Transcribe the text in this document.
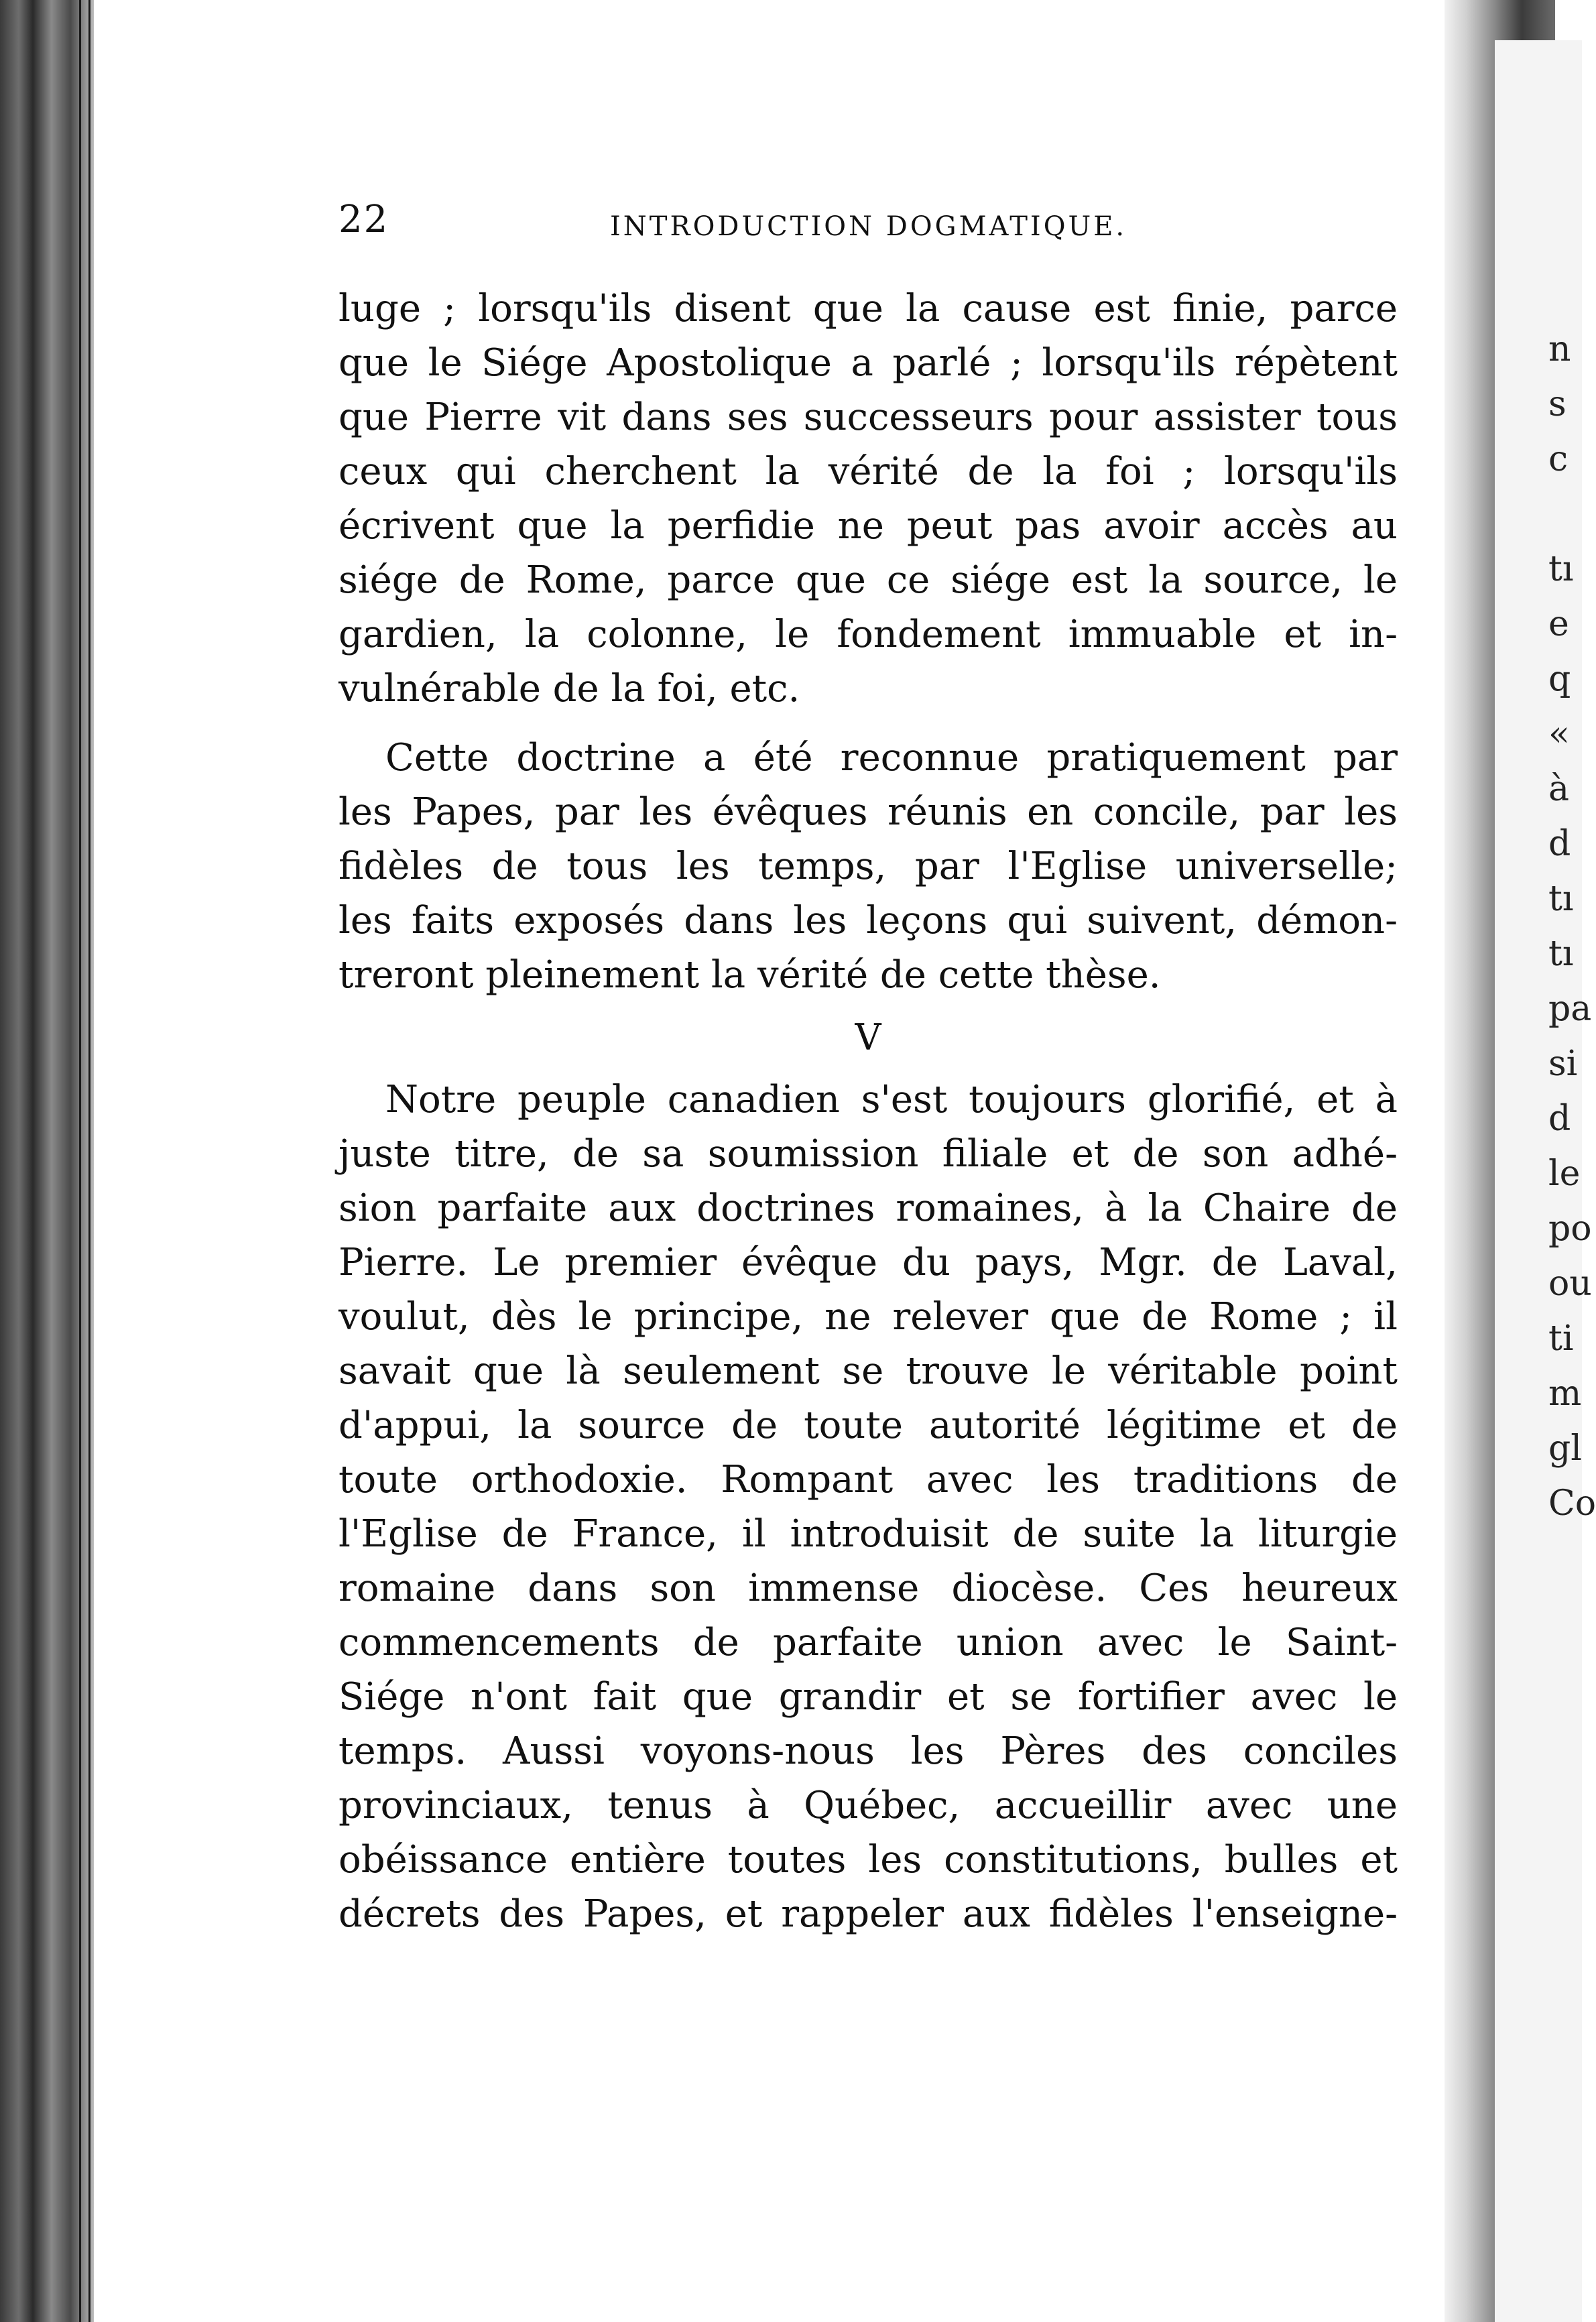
n
s
c

tı
e
q
«
à
d
tı
tı
pa
si
d
le
po
ou
ti
m
gl
Co
22	INTRODUCTION DOGMATIQUE.
luge ; lorsqu'ils disent que la cause est finie, parce
que le Siége Apostolique a parlé ; lorsqu'ils répètent
que Pierre vit dans ses successeurs pour assister tous
ceux qui cherchent la vérité de la foi ; lorsqu'ils
écrivent que la perfidie ne peut pas avoir accès au
siége de Rome, parce que ce siége est la source, le
gardien, la colonne, le fondement immuable et in-
vulnérable de la foi, etc.
Cette doctrine a été reconnue pratiquement par
les Papes, par les évêques réunis en concile, par les
fidèles de tous les temps, par l'Eglise universelle;
les faits exposés dans les leçons qui suivent, démon-
treront pleinement la vérité de cette thèse.
V
Notre peuple canadien s'est toujours glorifié, et à
juste titre, de sa soumission filiale et de son adhé-
sion parfaite aux doctrines romaines, à la Chaire de
Pierre. Le premier évêque du pays, Mgr. de Laval,
voulut, dès le principe, ne relever que de Rome ; il
savait que là seulement se trouve le véritable point
d'appui, la source de toute autorité légitime et de
toute orthodoxie. Rompant avec les traditions de
l'Eglise de France, il introduisit de suite la liturgie
romaine dans son immense diocèse. Ces heureux
commencements de parfaite union avec le Saint-
Siége n'ont fait que grandir et se fortifier avec le
temps. Aussi voyons-nous les Pères des conciles
provinciaux, tenus à Québec, accueillir avec une
obéissance entière toutes les constitutions, bulles et
décrets des Papes, et rappeler aux fidèles l'enseigne-
